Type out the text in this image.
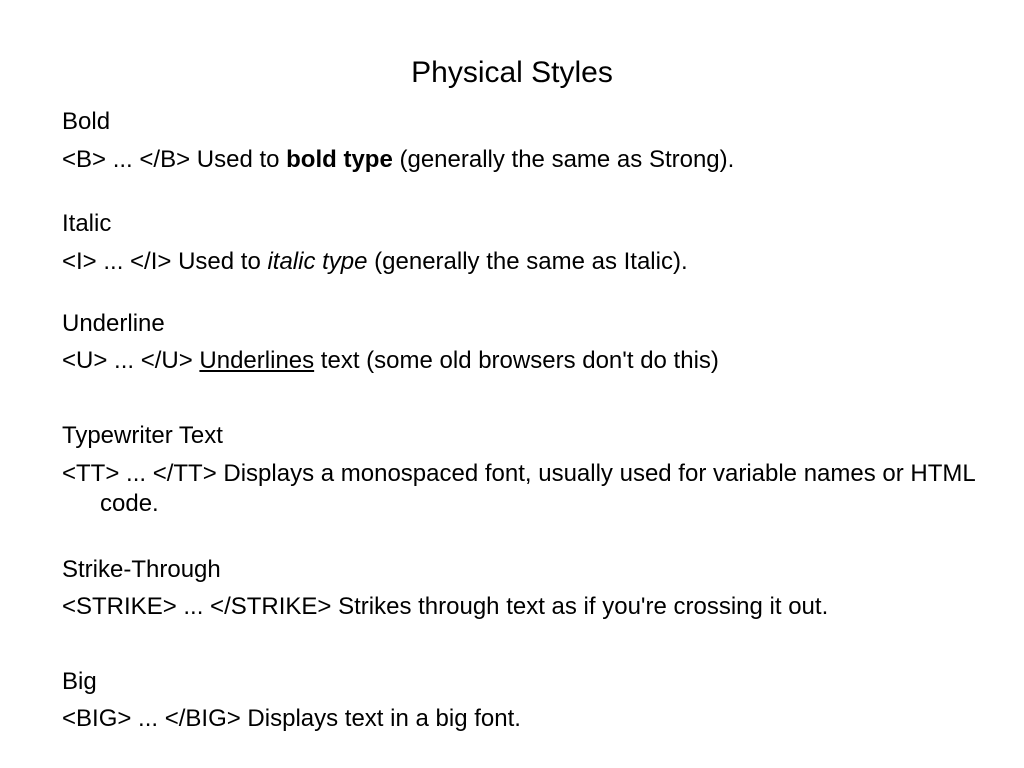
Physical Styles
Bold
<B> ... </B> Used to bold type (generally the same as Strong).
Italic
<I> ... </I> Used to italic type (generally the same as Italic).
Underline
<U> ... </U> Underlines text (some old browsers don't do this)
Typewriter Text
<TT> ... </TT> Displays a monospaced font, usually used for variable names or HTML code.
Strike-Through
<STRIKE> ... </STRIKE> Strikes through text as if you're crossing it out.
Big
<BIG> ... </BIG> Displays text in a big font.
